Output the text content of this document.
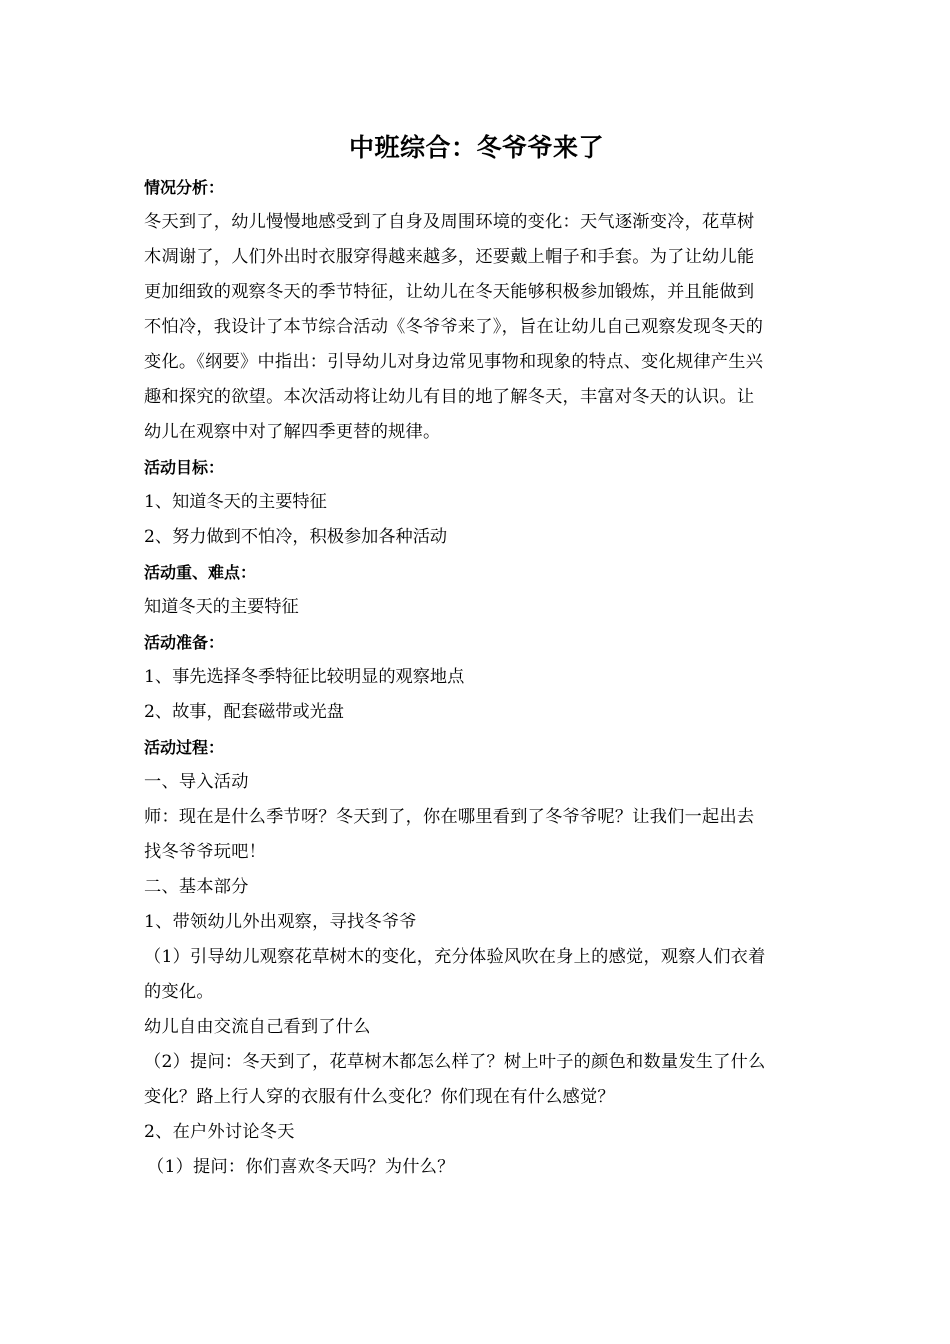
中班综合：冬爷爷来了

情况分析：

冬天到了，幼儿慢慢地感受到了自身及周围环境的变化：天气逐渐变冷，花草树

木凋谢了，人们外出时衣服穿得越来越多，还要戴上帽子和手套。为了让幼儿能

更加细致的观察冬天的季节特征，让幼儿在冬天能够积极参加锻炼，并且能做到

不怕冷，我设计了本节综合活动《冬爷爷来了》，旨在让幼儿自己观察发现冬天的

变化。《纲要》中指出：引导幼儿对身边常见事物和现象的特点、变化规律产生兴

趣和探究的欲望。本次活动将让幼儿有目的地了解冬天，丰富对冬天的认识。让

幼儿在观察中对了解四季更替的规律。

活动目标：

1、知道冬天的主要特征

2、努力做到不怕冷，积极参加各种活动

活动重、难点：

知道冬天的主要特征

活动准备：

1、事先选择冬季特征比较明显的观察地点

2、故事，配套磁带或光盘

活动过程：

一、导入活动

师：现在是什么季节呀？冬天到了，你在哪里看到了冬爷爷呢？让我们一起出去

找冬爷爷玩吧！

二、基本部分

1、带领幼儿外出观察，寻找冬爷爷

（1）引导幼儿观察花草树木的变化，充分体验风吹在身上的感觉，观察人们衣着

的变化。

幼儿自由交流自己看到了什么

（2）提问：冬天到了，花草树木都怎么样了？树上叶子的颜色和数量发生了什么

变化？路上行人穿的衣服有什么变化？你们现在有什么感觉？

2、在户外讨论冬天

（1）提问：你们喜欢冬天吗？为什么？
